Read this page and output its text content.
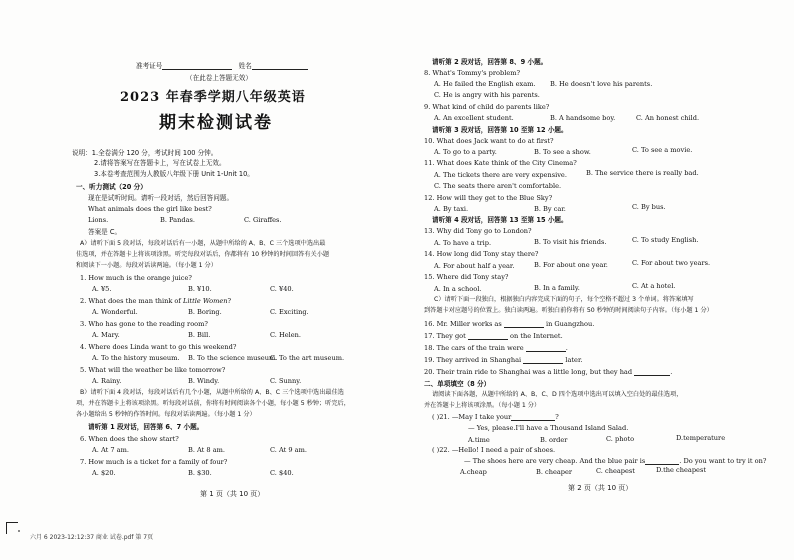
准考证号	姓名
（在此卷上答题无效）
2023 年春季学期八年级英语
期末检测试卷
说明：1.全卷满分 120 分，考试时间 100 分钟。
2.请将答案写在答题卡上，写在试卷上无效。
3.本卷考查范围为人教版八年级下册 Unit 1-Unit 10。
一、听力测试（20 分）
现在是试听时间。请听一段对话，然后回答问题。
What animals does the girl like best?
Lions.	B. Pandas.	C. Giraffes.
答案是 C。
A）请听下面 5 段对话，每段对话后有一小题，从题中所给的 A、B、C 三个选项中选出最
佳选项，并在答题卡上将该项涂黑。听完每段对话后，你都将有 10 秒钟的时间回答有关小题
和阅读下一小题。每段对话读两遍。（每小题 1 分）
1. How much is the orange juice?
A. ¥5.	B. ¥10.	C. ¥40.
2. What does the man think of Little Women?
A. Wonderful.	B. Boring.	C. Exciting.
3. Who has gone to the reading room?
A. Mary.	B. Bill.	C. Helen.
4. Where does Linda want to go this weekend?
A. To the history museum. B. To the science museum.
C. To the art museum.
5. What will the weather be like tomorrow?
A. Rainy.	B. Windy.	C. Sunny.
B）请听下面 4 段对话，每段对话后有几个小题，从题中所给的 A、B、C 三个选项中选出最佳选
项，并在答题卡上将该项涂黑。听每段对话前，你将有时间阅读各个小题，每小题 5 秒钟；听完后，
各小题给出 5 秒钟的作答时间。每段对话读两遍。（每小题 1 分）
请听第 1 段对话，回答第 6、7 小题。
6. When does the show start?
A. At 7 am.	B. At 8 am.	C. At 9 am.
7. How much is a ticket for a family of four?
A. $20.	B. $30.	C. $40.
第 1 页（共 10 页）
请听第 2 段对话，回答第 8、9 小题。
8. What's Tommy's problem?
A. He failed the English exam. B. He doesn't love his parents.
C. He is angry with his parents.
9. What kind of child do parents like?
A. An excellent student.	B. A handsome boy.	C. An honest child.
请听第 3 段对话，回答第 10 至第 12 小题。
10. What does Jack want to do at first?
A. To go to a party.	B. To see a show.	C. To see a movie.
11. What does Kate think of the City Cinema?
A. The tickets there are very expensive.	B. The service there is really bad.
C. The seats there aren't comfortable.
12. How will they get to the Blue Sky?
A. By taxi.	B. By car.	C. By bus.
请听第 4 段对话，回答第 13 至第 15 小题。
13. Why did Tony go to London?
A. To have a trip.	B. To visit his friends.	C. To study English.
14. How long did Tony stay there?
A. For about half a year.	B. For about one year.	C. For about two years.
15. Where did Tony stay?
A. In a school.	B. In a family.	C. At a hotel.
C）请听下面一段独白，根据独白内容完成下面的句子，每个空格不超过 3 个单词。将答案填写
到答题卡对应题号的位置上。独白读两遍。听独白前你将有 50 秒钟的时间阅读句子内容。（每小题 1 分）
16. Mr. Miller works as	in Guangzhou.
17. They got	on the Internet.
18. The cars of the train were	.
19. They arrived in Shanghai	later.
20. Their train ride to Shanghai was a little long, but they had	.
二、单项填空（8 分）
请阅读下面各题，从题中所给的 A、B、C、D 四个选项中选出可以填入空白处的最佳选项，
并在答题卡上将该项涂黑。（每小题 1 分）
( )21. —May I take your	?
— Yes, please.I'll have a Thousand Island Salad.
A.time	B. order	C. photo	D.temperature
( )22. —Hello! I need a pair of shoes.
— The shoes here are very cheap. And the blue pair is	. Do you want to try it on?
A.cheap	B. cheaper	C. cheapest	D.the cheapest
第 2 页（共 10 页）
六月 6 2023-12:12:37 商业 试卷.pdf 第 7页
